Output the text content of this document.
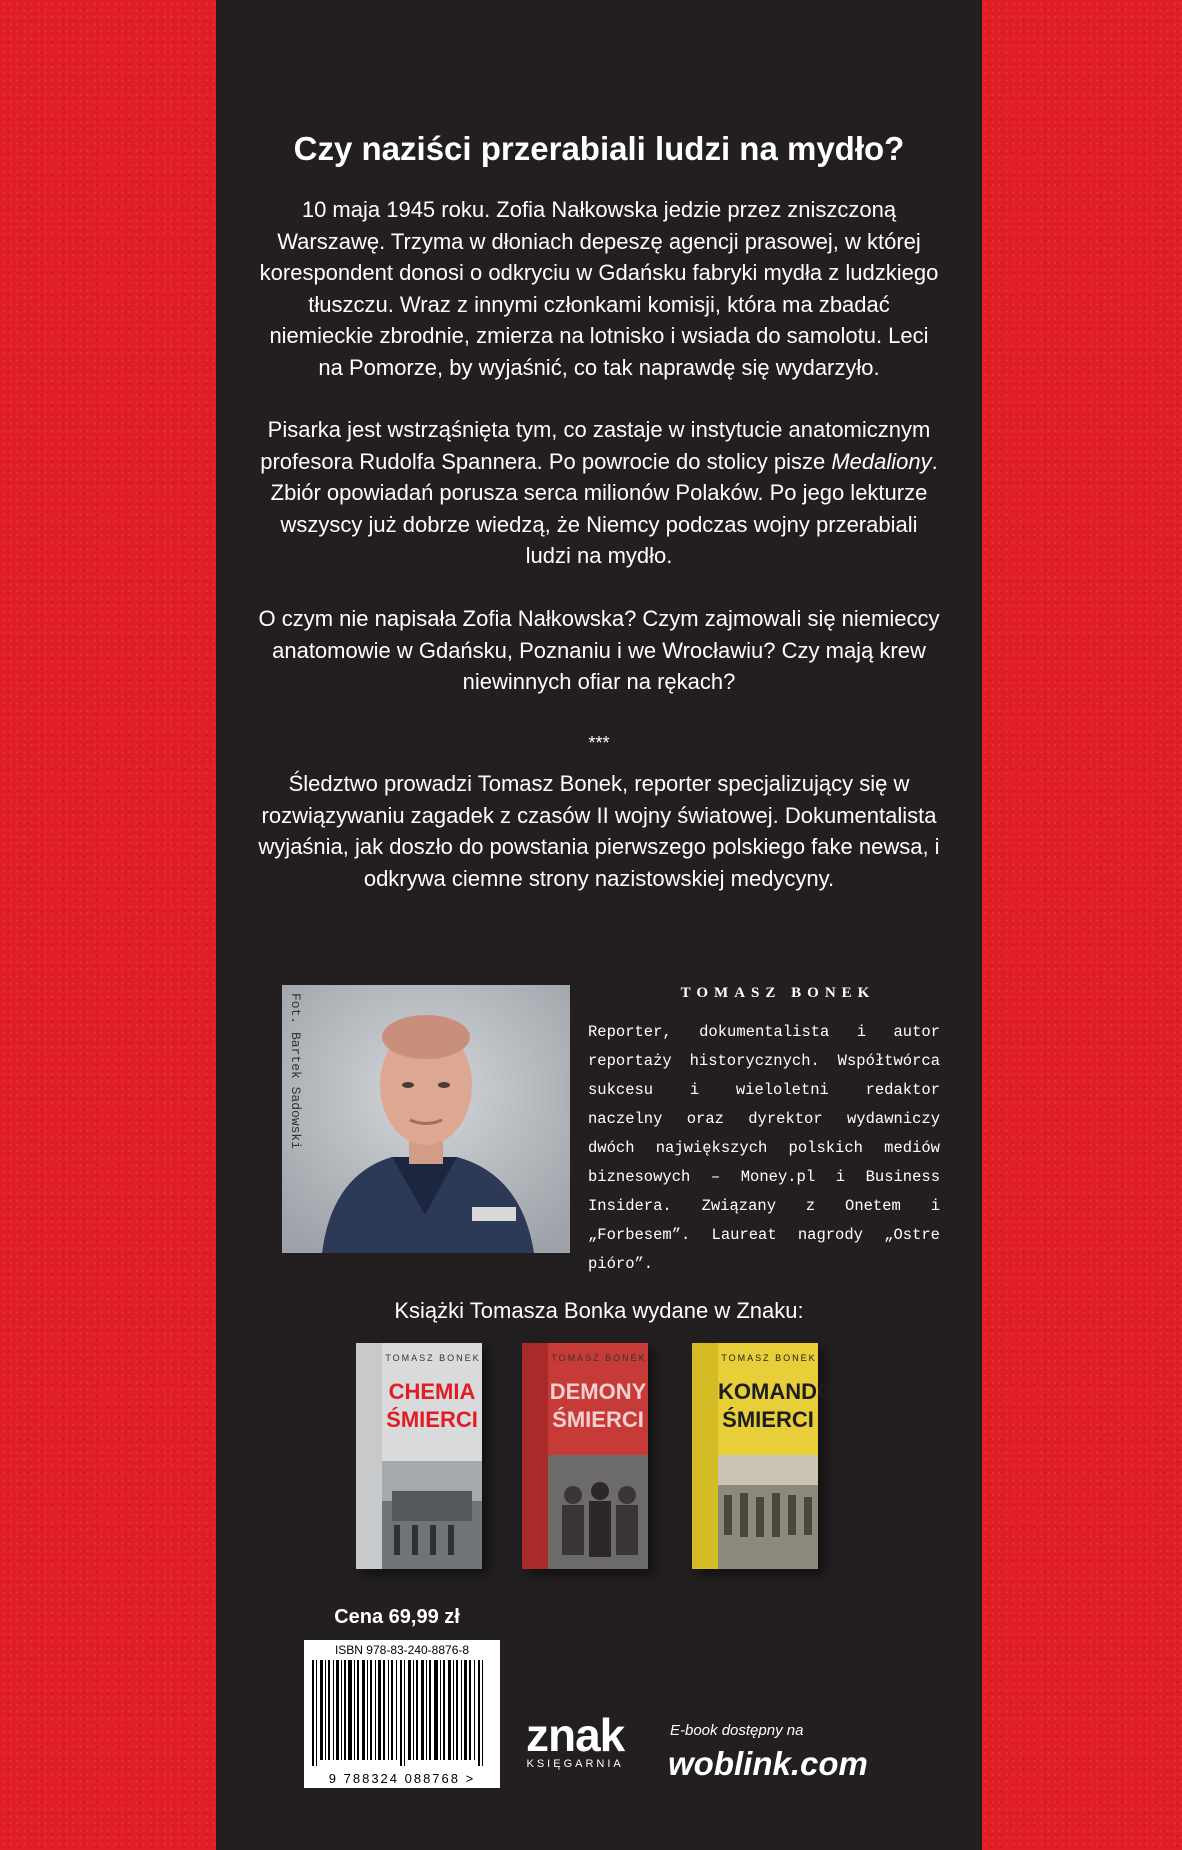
Czy naziści przerabiali ludzi na mydło?
10 maja 1945 roku. Zofia Nałkowska jedzie przez zniszczoną Warszawę. Trzyma w dłoniach depeszę agencji prasowej, w której korespondent donosi o odkryciu w Gdańsku fabryki mydła z ludzkiego tłuszczu. Wraz z innymi członkami komisji, która ma zbadać niemieckie zbrodnie, zmierza na lotnisko i wsiada do samolotu. Leci na Pomorze, by wyjaśnić, co tak naprawdę się wydarzyło.
Pisarka jest wstrząśnięta tym, co zastaje w instytucie anatomicznym profesora Rudolfa Spannera. Po powrocie do stolicy pisze Medaliony. Zbiór opowiadań porusza serca milionów Polaków. Po jego lekturze wszyscy już dobrze wiedzą, że Niemcy podczas wojny przerabiali ludzi na mydło.
O czym nie napisała Zofia Nałkowska? Czym zajmowali się niemieccy anatomowie w Gdańsku, Poznaniu i we Wrocławiu? Czy mają krew niewinnych ofiar na rękach?
***
Śledztwo prowadzi Tomasz Bonek, reporter specjalizujący się w rozwiązywaniu zagadek z czasów II wojny światowej. Dokumentalista wyjaśnia, jak doszło do powstania pierwszego polskiego fake newsa, i odkrywa ciemne strony nazistowskiej medycyny.
Fot. Bartek Sadowski	TOMASZ BONEK
Reporter, dokumentalista i autor reportaży historycznych. Współtwórca sukcesu i wieloletni redaktor naczelny oraz dyrektor wydawniczy dwóch największych polskich mediów biznesowych – Money.pl i Business Insidera. Związany z Onetem i „Forbesem”. Laureat nagrody „Ostre pióro”.
Książki Tomasza Bonka wydane w Znaku:
TOMASZ BONEK
CHEMIA
ŚMIERCI
TOMASZ BONEK
DEMONY
ŚMIERCI
TOMASZ BONEK
KOMANDO
ŚMIERCI
Cena 69,99 zł
ISBN 978-83-240-8876-8
9 788324 088768 >
znak
KSIĘGARNIA
E-book dostępny na
woblink.com
